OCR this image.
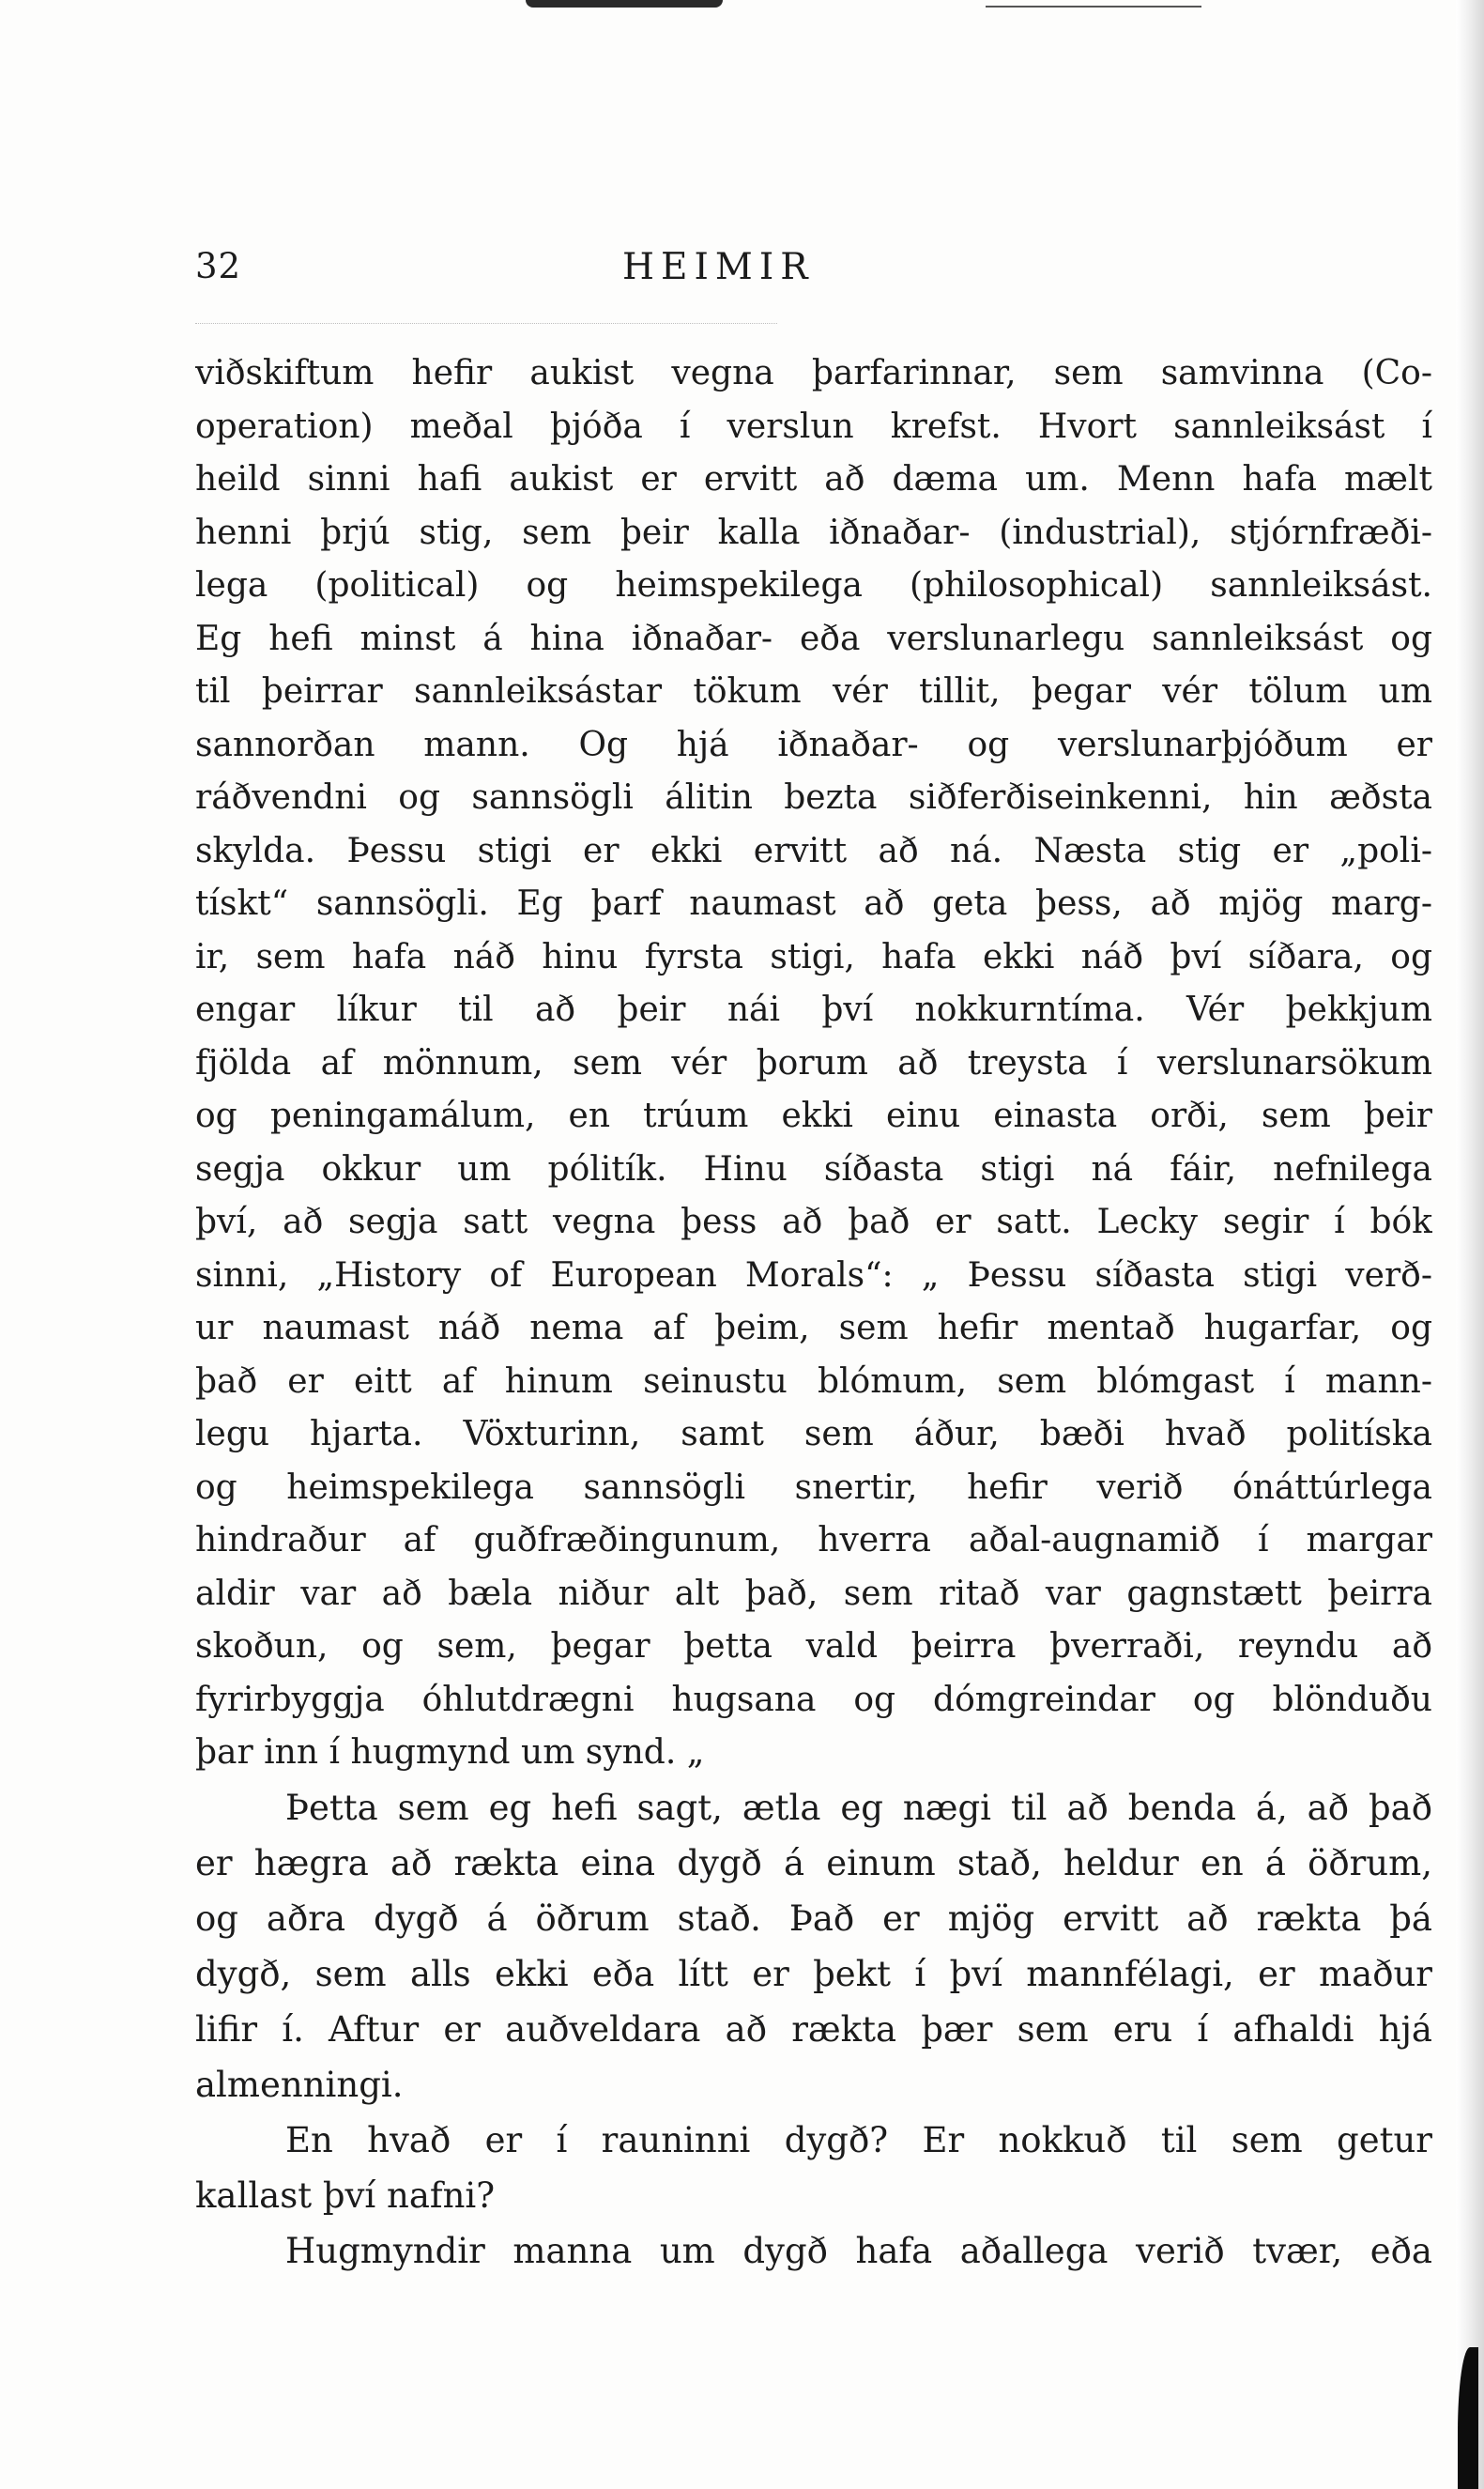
32	HEIMIR
viðskiftum hefir aukist vegna þarfarinnar, sem samvinna (Co-
operation) meðal þjóða í verslun krefst. Hvort sannleiksást í
heild sinni hafi aukist er ervitt að dæma um. Menn hafa mælt
henni þrjú stig, sem þeir kalla iðnaðar- (industrial), stjórnfræði-
lega (political) og heimspekilega (philosophical) sannleiksást.
Eg hefi minst á hina iðnaðar- eða verslunarlegu sannleiksást og
til þeirrar sannleiksástar tökum vér tillit, þegar vér tölum um
sannorðan mann. Og hjá iðnaðar- og verslunarþjóðum er
ráðvendni og sannsögli álitin bezta siðferðiseinkenni, hin æðsta
skylda. Þessu stigi er ekki ervitt að ná. Næsta stig er „poli-
tískt“ sannsögli. Eg þarf naumast að geta þess, að mjög marg-
ir, sem hafa náð hinu fyrsta stigi, hafa ekki náð því síðara, og
engar líkur til að þeir nái því nokkurntíma. Vér þekkjum
fjölda af mönnum, sem vér þorum að treysta í verslunarsökum
og peningamálum, en trúum ekki einu einasta orði, sem þeir
segja okkur um pólitík. Hinu síðasta stigi ná fáir, nefnilega
því, að segja satt vegna þess að það er satt. Lecky segir í bók
sinni, „History of European Morals“: „ Þessu síðasta stigi verð-
ur naumast náð nema af þeim, sem hefir mentað hugarfar, og
það er eitt af hinum seinustu blómum, sem blómgast í mann-
legu hjarta. Vöxturinn, samt sem áður, bæði hvað politíska
og heimspekilega sannsögli snertir, hefir verið ónáttúrlega
hindraður af guðfræðingunum, hverra aðal-augnamið í margar
aldir var að bæla niður alt það, sem ritað var gagnstætt þeirra
skoðun, og sem, þegar þetta vald þeirra þverraði, reyndu að
fyrirbyggja óhlutdrægni hugsana og dómgreindar og blönduðu
þar inn í hugmynd um synd. „
Þetta sem eg hefi sagt, ætla eg nægi til að benda á, að það
er hægra að rækta eina dygð á einum stað, heldur en á öðrum,
og aðra dygð á öðrum stað. Það er mjög ervitt að rækta þá
dygð, sem alls ekki eða lítt er þekt í því mannfélagi, er maður
lifir í. Aftur er auðveldara að rækta þær sem eru í afhaldi hjá
almenningi.
En hvað er í rauninni dygð? Er nokkuð til sem getur
kallast því nafni?
Hugmyndir manna um dygð hafa aðallega verið tvær, eða
